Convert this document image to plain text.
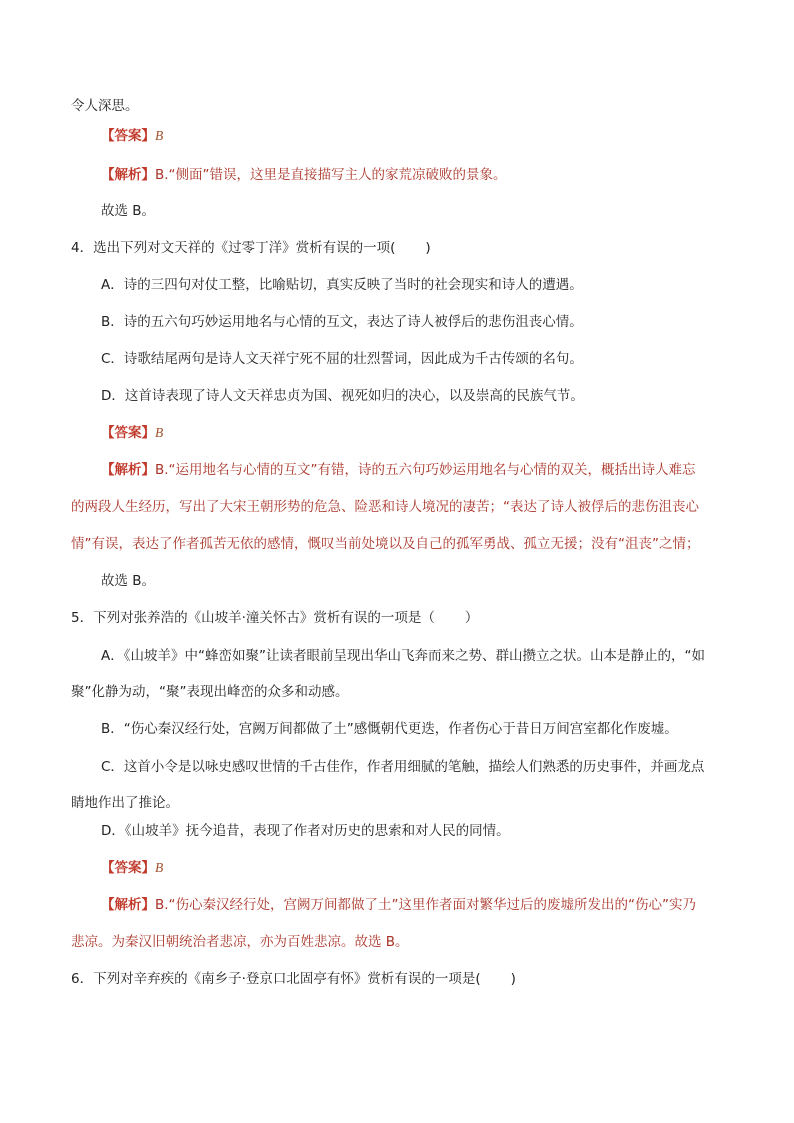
令人深思。
【答案】B
【解析】B.“侧面”错误，这里是直接描写主人的家荒凉破败的景象。
故选 B。
4．选出下列对文天祥的《过零丁洋》赏析有误的一项( )
A．诗的三四句对仗工整，比喻贴切，真实反映了当时的社会现实和诗人的遭遇。
B．诗的五六句巧妙运用地名与心情的互文，表达了诗人被俘后的悲伤沮丧心情。
C．诗歌结尾两句是诗人文天祥宁死不屈的壮烈誓词，因此成为千古传颂的名句。
D．这首诗表现了诗人文天祥忠贞为国、视死如归的决心，以及崇高的民族气节。
【答案】B
【解析】B.“运用地名与心情的互文”有错，诗的五六句巧妙运用地名与心情的双关，概括出诗人难忘
的两段人生经历，写出了大宋王朝形势的危急、险恶和诗人境况的凄苦；“表达了诗人被俘后的悲伤沮丧心
情”有误，表达了作者孤苦无依的感情，慨叹当前处境以及自己的孤军勇战、孤立无援；没有“沮丧”之情；
故选 B。
5．下列对张养浩的《山坡羊·潼关怀古》赏析有误的一项是（ ）
A．《山坡羊》中“蜂峦如聚”让读者眼前呈现出华山飞奔而来之势、群山攒立之状。山本是静止的，“如
聚”化静为动，“聚”表现出峰峦的众多和动感。
B．“伤心秦汉经行处，宫阙万间都做了土”感慨朝代更迭，作者伤心于昔日万间宫室都化作废墟。
C．这首小令是以咏史感叹世情的千古佳作，作者用细腻的笔触，描绘人们熟悉的历史事件，并画龙点
睛地作出了推论。
D．《山坡羊》抚今追昔，表现了作者对历史的思索和对人民的同情。
【答案】B
【解析】B.“伤心秦汉经行处，宫阙万间都做了土”这里作者面对繁华过后的废墟所发出的“伤心”实乃
悲凉。为秦汉旧朝统治者悲凉，亦为百姓悲凉。故选 B。
6．下列对辛弃疾的《南乡子·登京口北固亭有怀》赏析有误的一项是( )
